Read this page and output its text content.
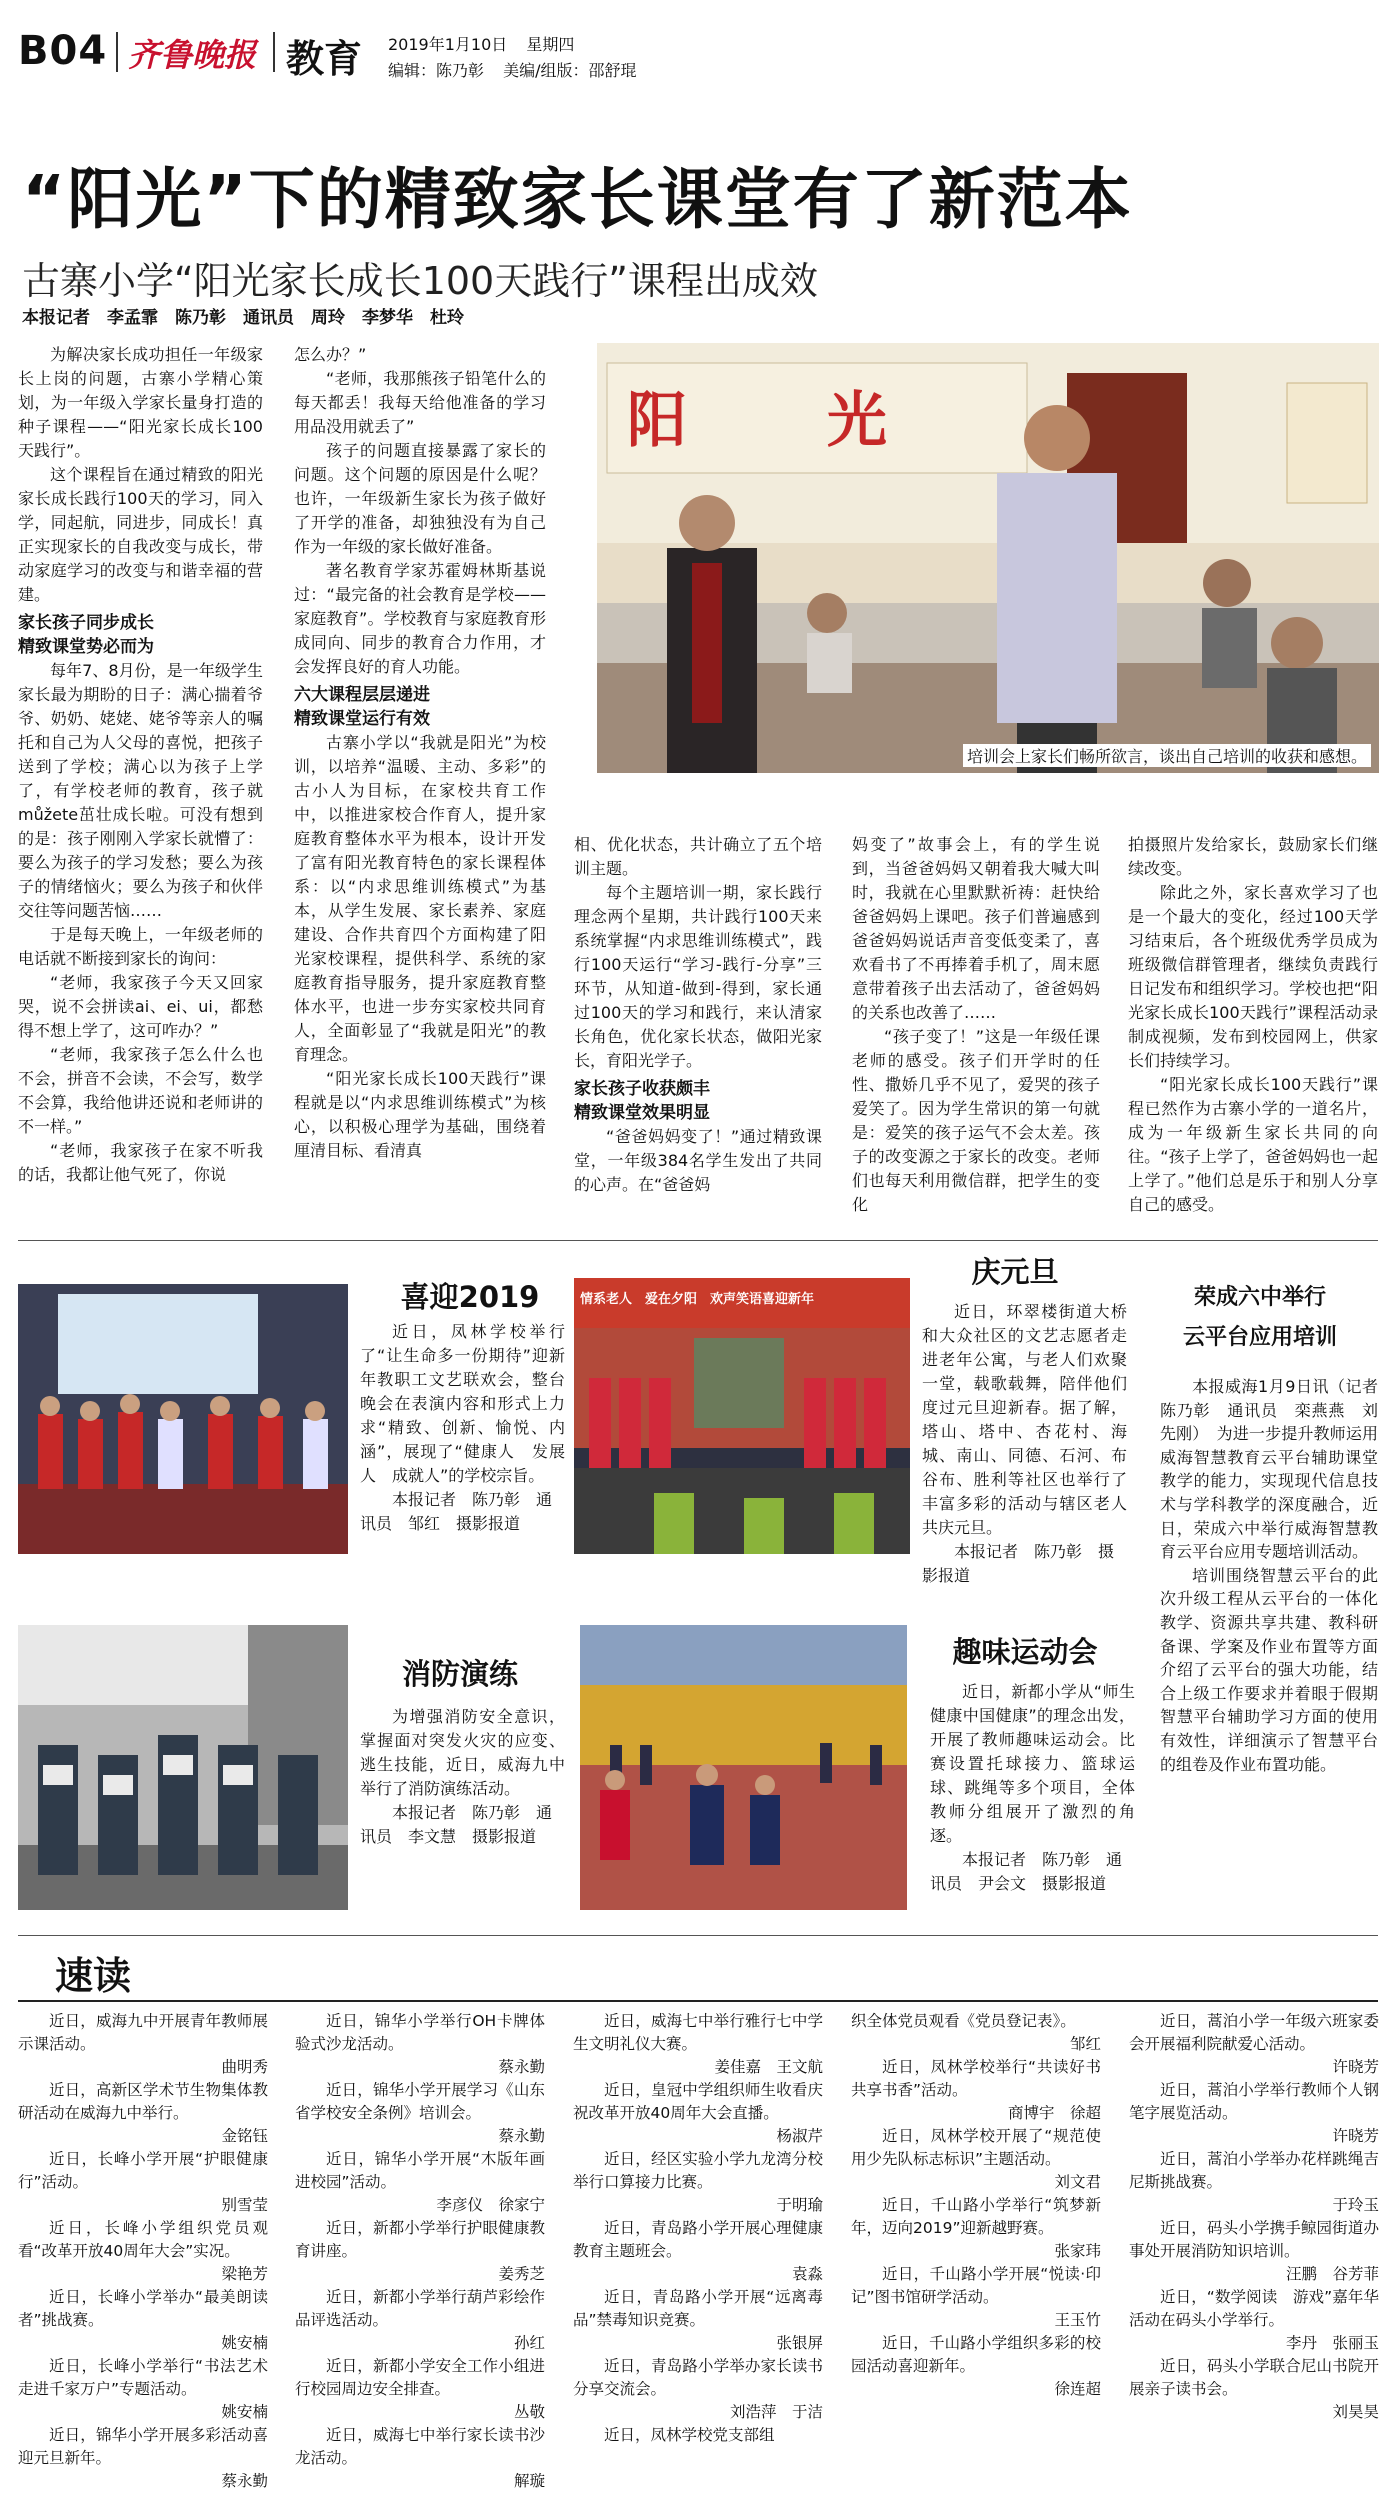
B04 齐鲁晚报 教育 2019年1月10日 星期四
编辑：陈乃彰 美编/组版：邵舒琨
“阳光”下的精致家长课堂有了新范本
古寨小学“阳光家长成长100天践行”课程出成效
本报记者　李孟霏　陈乃彰　通讯员　周玲　李梦华　杜玲
阳 光
培训会上家长们畅所欲言，谈出自己培训的收获和感想。

为解决家长成功担任一年级家长上岗的问题，古寨小学精心策划，为一年级入学家长量身打造的种子课程——“阳光家长成长100天践行”。

这个课程旨在通过精致的阳光家长成长践行100天的学习，同入学，同起航，同进步，同成长！真正实现家长的自我改变与成长，带动家庭学习的改变与和谐幸福的营建。

家长孩子同步成长
精致课堂势必而为

每年7、8月份，是一年级学生家长最为期盼的日子：满心揣着爷爷、奶奶、姥姥、姥爷等亲人的嘱托和自己为人父母的喜悦，把孩子送到了学校；满心以为孩子上学了，有学校老师的教育，孩子就můžete茁壮成长啦。可没有想到的是：孩子刚刚入学家长就懵了：要么为孩子的学习发愁；要么为孩子的情绪恼火；要么为孩子和伙伴交往等问题苦恼……

于是每天晚上，一年级老师的电话就不断接到家长的询问：

“老师，我家孩子今天又回家哭，说不会拼读ai、ei、ui，都愁得不想上学了，这可咋办？”

“老师，我家孩子怎么什么也不会，拼音不会读，不会写，数学不会算，我给他讲还说和老师讲的不一样。”

“老师，我家孩子在家不听我的话，我都让他气死了，你说

怎么办？”

“老师，我那熊孩子铅笔什么的每天都丢！我每天给他准备的学习用品没用就丢了”

孩子的问题直接暴露了家长的问题。这个问题的原因是什么呢？也许，一年级新生家长为孩子做好了开学的准备，却独独没有为自己作为一年级的家长做好准备。

著名教育学家苏霍姆林斯基说过：“最完备的社会教育是学校——家庭教育”。学校教育与家庭教育形成同向、同步的教育合力作用，才会发挥良好的育人功能。

六大课程层层递进
精致课堂运行有效

古寨小学以“我就是阳光”为校训，以培养“温暖、主动、多彩”的古小人为目标，在家校共育工作中，以推进家校合作育人，提升家庭教育整体水平为根本，设计开发了富有阳光教育特色的家长课程体系：以“内求思维训练模式”为基本，从学生发展、家长素养、家庭建设、合作共育四个方面构建了阳光家校课程，提供科学、系统的家庭教育指导服务，提升家庭教育整体水平，也进一步夯实家校共同育人，全面彰显了“我就是阳光”的教育理念。

“阳光家长成长100天践行”课程就是以“内求思维训练模式”为核心，以积极心理学为基础，围绕着厘清目标、看清真

相、优化状态，共计确立了五个培训主题。

每个主题培训一期，家长践行理念两个星期，共计践行100天来系统掌握“内求思维训练模式”，践行100天运行“学习-践行-分享”三环节，从知道-做到-得到，家长通过100天的学习和践行，来认清家长角色，优化家长状态，做阳光家长，育阳光学子。

家长孩子收获颇丰
精致课堂效果明显

“爸爸妈妈变了！”通过精致课堂，一年级384名学生发出了共同的心声。在“爸爸妈

妈变了”故事会上，有的学生说到，当爸爸妈妈又朝着我大喊大叫时，我就在心里默默祈祷：赶快给爸爸妈妈上课吧。孩子们普遍感到爸爸妈妈说话声音变低变柔了，喜欢看书了不再捧着手机了，周末愿意带着孩子出去活动了，爸爸妈妈的关系也改善了……

“孩子变了！”这是一年级任课老师的感受。孩子们开学时的任性、撒娇几乎不见了，爱哭的孩子爱笑了。因为学生常识的第一句就是：爱笑的孩子运气不会太差。孩子的改变源之于家长的改变。老师们也每天利用微信群，把学生的变化

拍摄照片发给家长，鼓励家长们继续改变。

除此之外，家长喜欢学习了也是一个最大的变化，经过100天学习结束后，各个班级优秀学员成为班级微信群管理者，继续负责践行日记发布和组织学习。学校也把“阳光家长成长100天践行”课程活动录制成视频，发布到校园网上，供家长们持续学习。

“阳光家长成长100天践行”课程已然作为古寨小学的一道名片，成为一年级新生家长共同的向往。“孩子上学了，爸爸妈妈也一起上学了。”他们总是乐于和别人分享自己的感受。

喜迎2019

近日，凤林学校举行了“让生命多一份期待”迎新年教职工文艺联欢会，整台晚会在表演内容和形式上力求“精致、创新、愉悦、内涵”，展现了“健康人　发展人　成就人”的学校宗旨。

本报记者　陈乃彰　通讯员　邹红　摄影报道
情系老人　爱在夕阳　欢声笑语喜迎新年
庆元旦

近日，环翠楼街道大桥和大众社区的文艺志愿者走进老年公寓，与老人们欢聚一堂，载歌载舞，陪伴他们度过元旦迎新春。据了解，塔山、塔中、杏花村、海城、南山、同德、石河、布谷布、胜利等社区也举行了丰富多彩的活动与辖区老人共庆元旦。

本报记者　陈乃彰　摄影报道
荣成六中举行
云平台应用培训

本报威海1月9日讯（记者　陈乃彰　通讯员　栾燕燕　刘先刚）　为进一步提升教师运用威海智慧教育云平台辅助课堂教学的能力，实现现代信息技术与学科教学的深度融合，近日，荣成六中举行威海智慧教育云平台应用专题培训活动。

培训围绕智慧云平台的此次升级工程从云平台的一体化教学、资源共享共建、教科研备课、学案及作业布置等方面介绍了云平台的强大功能，结合上级工作要求并着眼于假期智慧平台辅助学习方面的使用有效性，详细演示了智慧平台的组卷及作业布置功能。

消防演练

为增强消防安全意识，掌握面对突发火灾的应变、逃生技能，近日，威海九中举行了消防演练活动。

本报记者　陈乃彰　通讯员　李文慧　摄影报道
趣味运动会

近日，新都小学从“师生健康中国健康”的理念出发，开展了教师趣味运动会。比赛设置托球接力、篮球运球、跳绳等多个项目，全体教师分组展开了激烈的角逐。

本报记者　陈乃彰　通讯员　尹会文　摄影报道
速读
近日，威海九中开展青年教师展示课活动。
曲明秀
近日，高新区学术节生物集体教研活动在威海九中举行。
金铭钰
近日，长峰小学开展“护眼健康行”活动。
别雪莹
近日，长峰小学组织党员观看“改革开放40周年大会”实况。
梁艳芳
近日，长峰小学举办“最美朗读者”挑战赛。
姚安楠
近日，长峰小学举行“书法艺术走进千家万户”专题活动。
姚安楠
近日，锦华小学开展多彩活动喜迎元旦新年。
蔡永勤
近日，锦华小学举行OH卡牌体验式沙龙活动。
蔡永勤
近日，锦华小学开展学习《山东省学校安全条例》培训会。
蔡永勤
近日，锦华小学开展“木版年画进校园”活动。
李彦仪　徐家宁
近日，新都小学举行护眼健康教育讲座。
姜秀芝
近日，新都小学举行葫芦彩绘作品评选活动。
孙红
近日，新都小学安全工作小组进行校园周边安全排查。
丛敬
近日，威海七中举行家长读书沙龙活动。
解璇
近日，威海七中举行雅行七中学生文明礼仪大赛。
姜佳嘉　王文航
近日，皇冠中学组织师生收看庆祝改革开放40周年大会直播。
杨淑芹
近日，经区实验小学九龙湾分校举行口算接力比赛。
于明瑜
近日，青岛路小学开展心理健康教育主题班会。
袁淼
近日，青岛路小学开展“远离毒品”禁毒知识竞赛。
张银屏
近日，青岛路小学举办家长读书分享交流会。
刘浩萍　于洁
近日，凤林学校党支部组
织全体党员观看《党员登记表》。
邹红
近日，凤林学校举行“共读好书　共享书香”活动。
商博宇　徐超
近日，凤林学校开展了“规范使用少先队标志标识”主题活动。
刘文君
近日，千山路小学举行“筑梦新年，迈向2019”迎新越野赛。
张家玮
近日，千山路小学开展“悦读·印记”图书馆研学活动。
王玉竹
近日，千山路小学组织多彩的校园活动喜迎新年。
徐连超
近日，蒿泊小学一年级六班家委会开展福利院献爱心活动。
许晓芳
近日，蒿泊小学举行教师个人钢笔字展览活动。
许晓芳
近日，蒿泊小学举办花样跳绳吉尼斯挑战赛。
于玲玉
近日，码头小学携手鲸园街道办事处开展消防知识培训。
汪鹏　谷芳菲
近日，“数学阅读　游戏”嘉年华活动在码头小学举行。
李丹　张丽玉
近日，码头小学联合尼山书院开展亲子读书会。
刘昊昊
